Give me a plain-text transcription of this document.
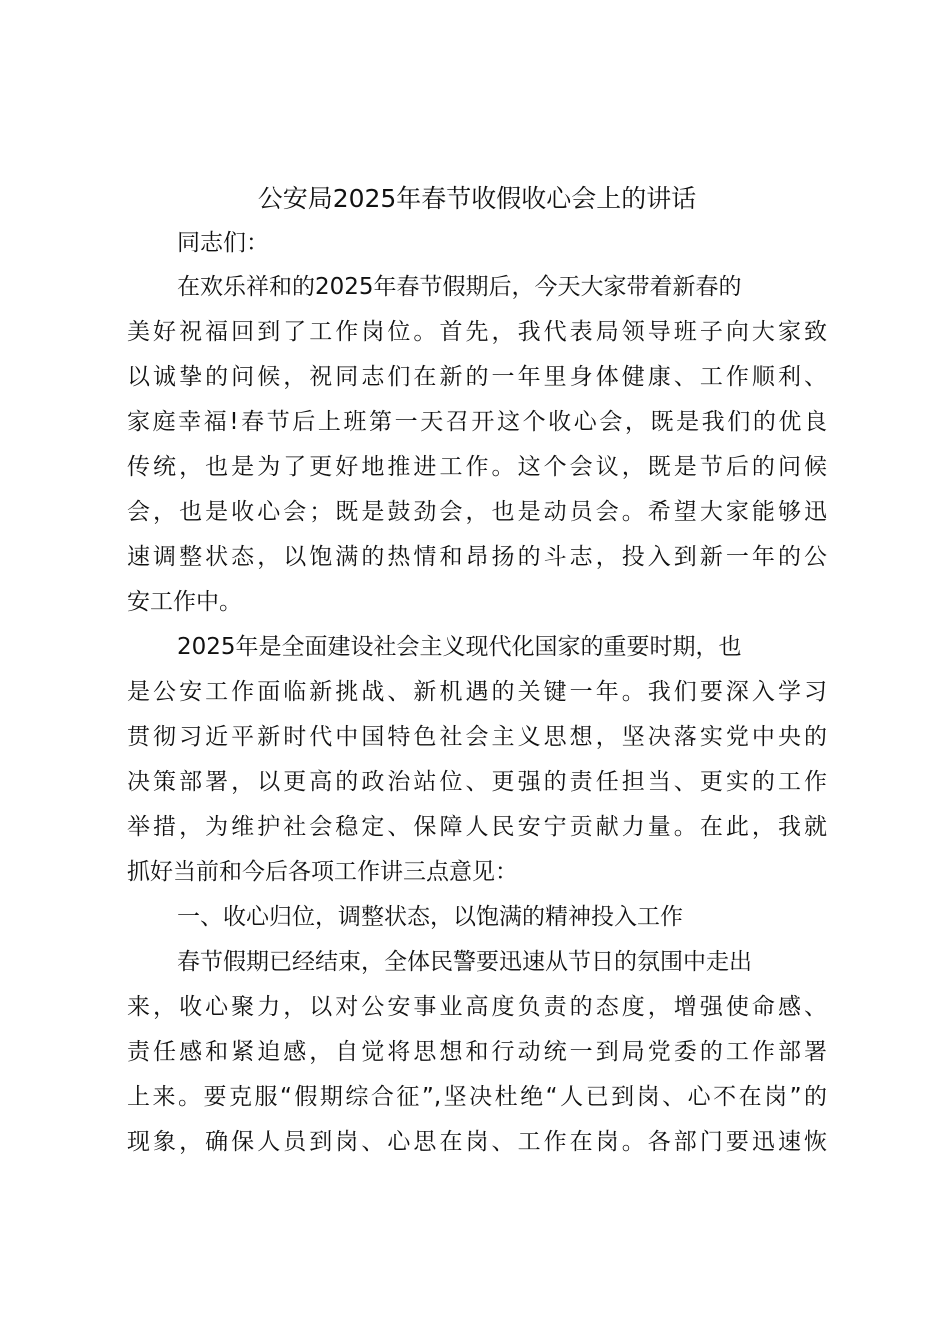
公安局2025年春节收假收心会上的讲话

同志们：

在欢乐祥和的2025年春节假期后，今天大家带着新春的
美好祝福回到了工作岗位。首先，我代表局领导班子向大家致
以诚挚的问候，祝同志们在新的一年里身体健康、工作顺利、
家庭幸福!春节后上班第一天召开这个收心会，既是我们的优良
传统，也是为了更好地推进工作。这个会议，既是节后的问候
会，也是收心会；既是鼓劲会，也是动员会。希望大家能够迅
速调整状态，以饱满的热情和昂扬的斗志，投入到新一年的公
安工作中。

2025年是全面建设社会主义现代化国家的重要时期，也
是公安工作面临新挑战、新机遇的关键一年。我们要深入学习
贯彻习近平新时代中国特色社会主义思想，坚决落实党中央的
决策部署，以更高的政治站位、更强的责任担当、更实的工作
举措，为维护社会稳定、保障人民安宁贡献力量。在此，我就
抓好当前和今后各项工作讲三点意见：

一、收心归位，调整状态，以饱满的精神投入工作

春节假期已经结束，全体民警要迅速从节日的氛围中走出
来，收心聚力，以对公安事业高度负责的态度，增强使命感、
责任感和紧迫感，自觉将思想和行动统一到局党委的工作部署
上来。要克服“假期综合征”,坚决杜绝“人已到岗、心不在岗”的
现象，确保人员到岗、心思在岗、工作在岗。各部门要迅速恢
